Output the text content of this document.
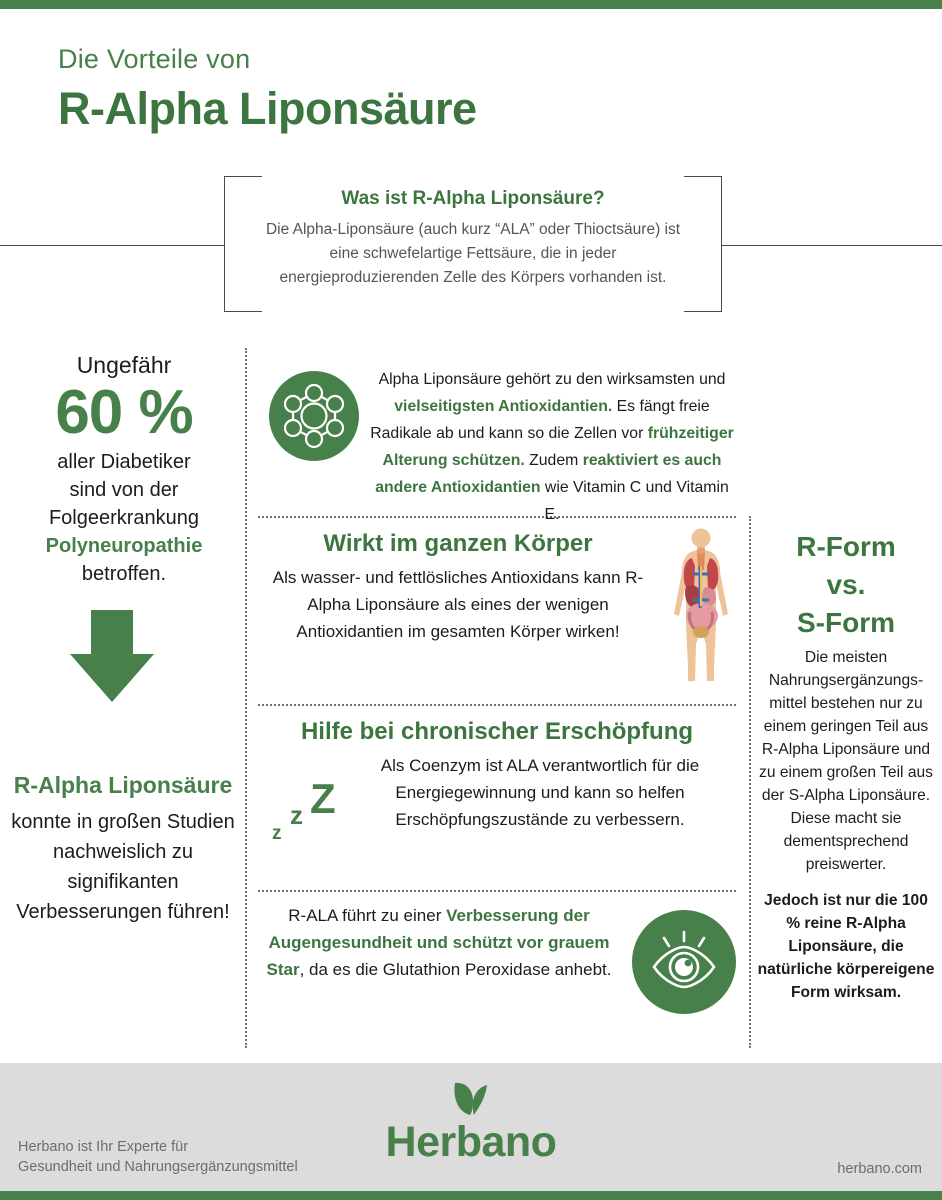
Die Vorteile von
R-Alpha Liponsäure
Was ist R-Alpha Liponsäure?
Die Alpha-Liponsäure (auch kurz “ALA” oder Thioctsäure) ist eine schwefelartige Fettsäure, die in jeder energieproduzierenden Zelle des Körpers vorhanden ist.
Ungefähr
60 %
aller Diabetiker
sind von der
Folgeerkrankung
Polyneuropathie
betroffen.
R-Alpha Liponsäure
konnte in großen Studien nachweislich zu signifikanten Verbesserungen führen!
Alpha Liponsäure gehört zu den wirksamsten und vielseitigsten Antioxidantien. Es fängt freie Radikale ab und kann so die Zellen vor frühzeitiger Alterung schützen. Zudem reaktiviert es auch andere Antioxidantien wie Vitamin C und Vitamin E.
Wirkt im ganzen Körper
Als wasser- und fettlösliches Antioxidans kann R-Alpha Liponsäure als eines der wenigen Antioxidantien im gesamten Körper wirken!
Hilfe bei chronischer Erschöpfung
Z
z
z
Als Coenzym ist ALA verantwortlich für die Energiegewinnung und kann so helfen Erschöpfungszustände zu verbessern.
R-ALA führt zu einer Verbesserung der Augengesundheit und schützt vor grauem Star, da es die Glutathion Peroxidase anhebt.
R-Form
vs.
S-Form
Die meisten Nahrungsergänzungs-mittel bestehen nur zu einem geringen Teil aus R-Alpha Liponsäure und zu einem großen Teil aus der S-Alpha Liponsäure. Diese macht sie dementsprechend preiswerter.
Jedoch ist nur die 100 % reine R-Alpha Liponsäure, die natürliche körpereigene Form wirksam.
Herbano
Herbano ist Ihr Experte für
Gesundheit und Nahrungsergänzungsmittel	herbano.com
